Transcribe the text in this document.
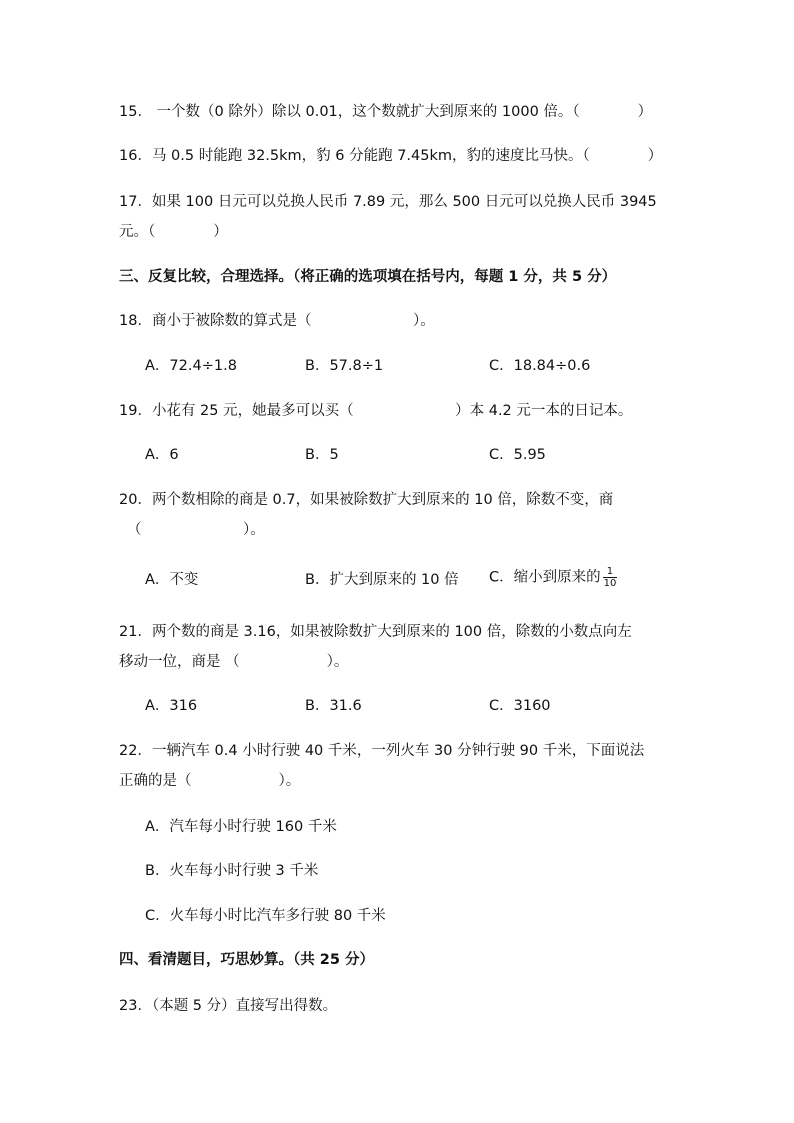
15． 一个数（0 除外）除以 0.01，这个数就扩大到原来的 1000 倍。（　　　　）
16．马 0.5 时能跑 32.5km，豹 6 分能跑 7.45km，豹的速度比马快。（　　　　）
17．如果 100 日元可以兑换人民币 7.89 元，那么 500 日元可以兑换人民币 3945
元。（　　　　）
三、反复比较，合理选择。（将正确的选项填在括号内，每题 1 分，共 5 分）
18．商小于被除数的算式是（　　　　　　　）。
A．72.4÷1.8	B．57.8÷1	C．18.84÷0.6
19．小花有 25 元，她最多可以买（　　　　　　　）本 4.2 元一本的日记本。
A．6	B．5	C．5.95
20．两个数相除的商是 0.7，如果被除数扩大到原来的 10 倍，除数不变，商
（　　　　　　　）。
A．不变	B．扩大到原来的 10 倍 C．缩小到原来的 $\frac{1}{10}$
21．两个数的商是 3.16，如果被除数扩大到原来的 100 倍，除数的小数点向左
移动一位，商是 （　　　　　　）。
A．316	B．31.6	C．3160
22．一辆汽车 0.4 小时行驶 40 千米，一列火车 30 分钟行驶 90 千米，下面说法
正确的是（　　　　　　）。
A．汽车每小时行驶 160 千米
B．火车每小时行驶 3 千米
C．火车每小时比汽车多行驶 80 千米
四、看清题目，巧思妙算。（共 25 分）
23．（本题 5 分）直接写出得数。
